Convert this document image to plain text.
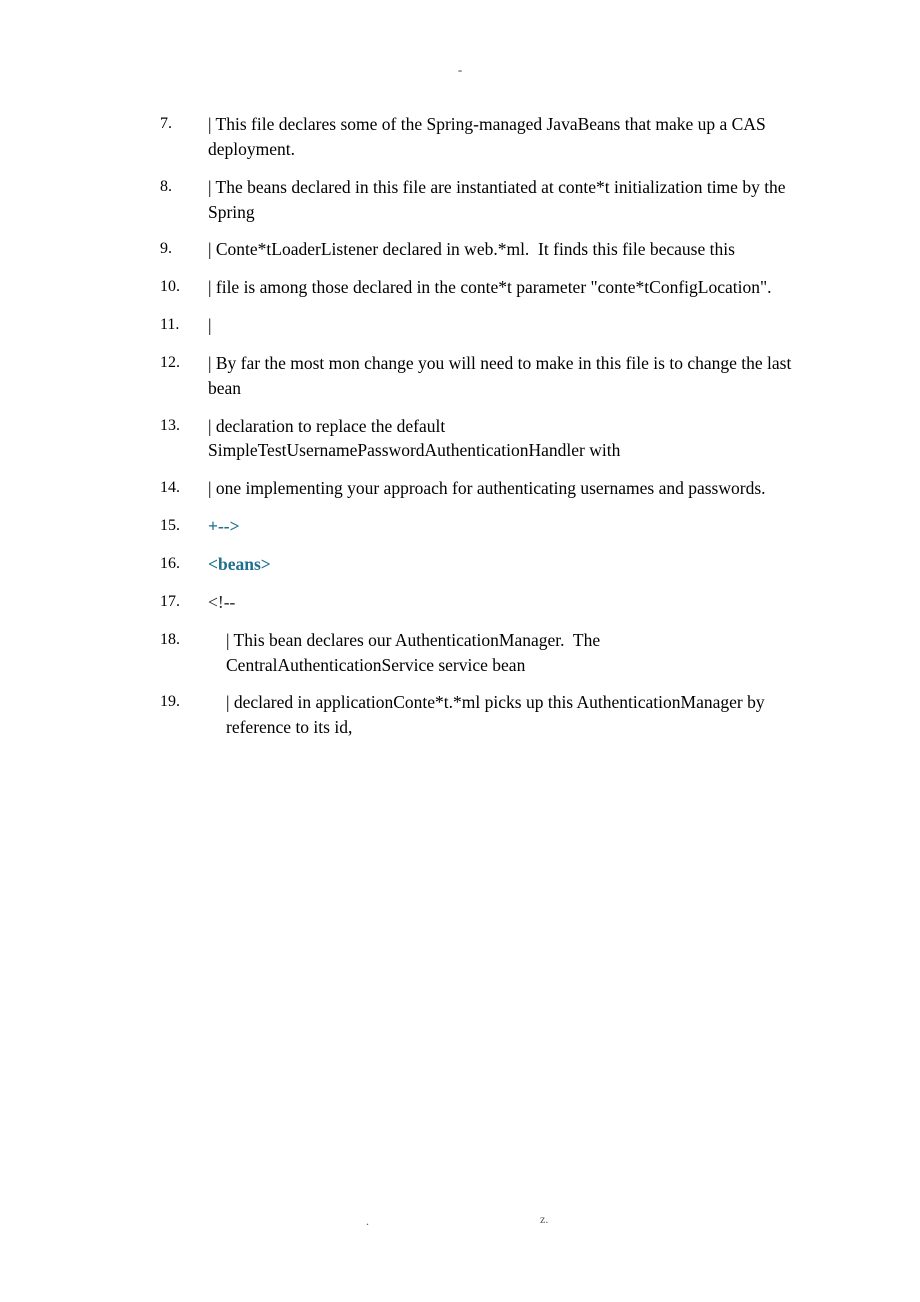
-
7.	| This file declares some of the Spring-managed JavaBeans that make up a CAS deployment.
8.	| The beans declared in this file are instantiated at conte*t initialization time by the Spring
9.	| Conte*tLoaderListener declared in web.*ml.  It finds this file because this
10.	| file is among those declared in the conte*t parameter "conte*tConfigLocation".
11.	|
12.	| By far the most mon change you will need to make in this file is to change the last bean
13.	| declaration to replace the default SimpleTestUsernamePasswordAuthenticationHandler with
14.	| one implementing your approach for authenticating usernames and passwords.
15.	+-->
16.	<beans>
17.	<!--
18.	| This bean declares our AuthenticationManager.  The CentralAuthenticationService service bean
19.	| declared in applicationConte*t.*ml picks up this AuthenticationManager by reference to its id,
.	z.
